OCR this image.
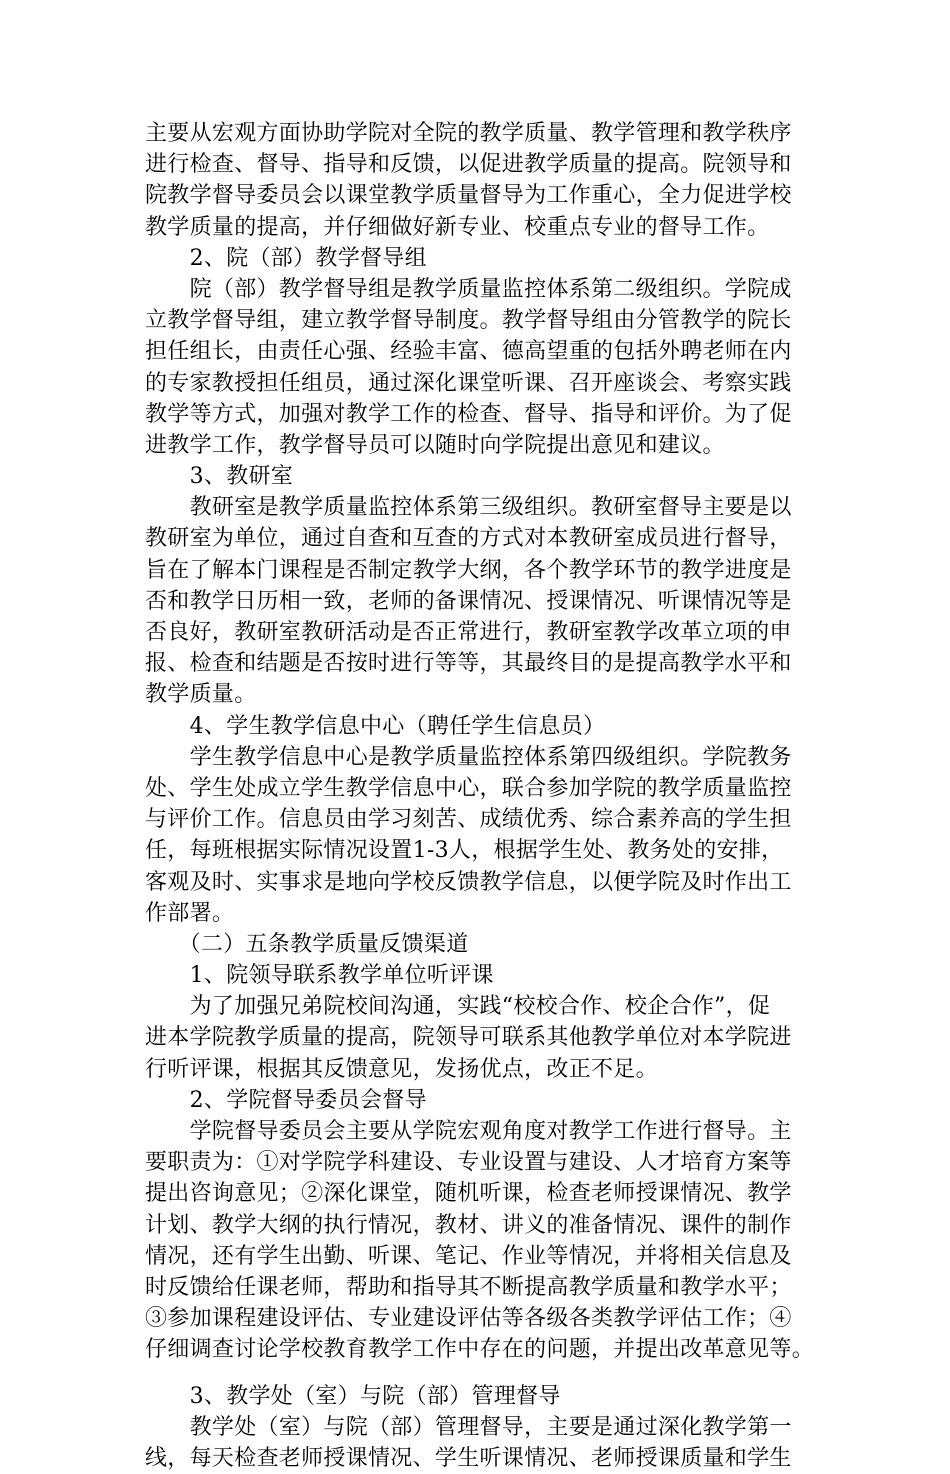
主要从宏观方面协助学院对全院的教学质量、教学管理和教学秩序
进行检查、督导、指导和反馈，以促进教学质量的提高。院领导和
院教学督导委员会以课堂教学质量督导为工作重心，全力促进学校
教学质量的提高，并仔细做好新专业、校重点专业的督导工作。
　　2、院（部）教学督导组
　　院（部）教学督导组是教学质量监控体系第二级组织。学院成
立教学督导组，建立教学督导制度。教学督导组由分管教学的院长
担任组长，由责任心强、经验丰富、德高望重的包括外聘老师在内
的专家教授担任组员，通过深化课堂听课、召开座谈会、考察实践
教学等方式，加强对教学工作的检查、督导、指导和评价。为了促
进教学工作，教学督导员可以随时向学院提出意见和建议。
　　3、教研室
　　教研室是教学质量监控体系第三级组织。教研室督导主要是以
教研室为单位，通过自查和互查的方式对本教研室成员进行督导，
旨在了解本门课程是否制定教学大纲，各个教学环节的教学进度是
否和教学日历相一致，老师的备课情况、授课情况、听课情况等是
否良好，教研室教研活动是否正常进行，教研室教学改革立项的申
报、检查和结题是否按时进行等等，其最终目的是提高教学水平和
教学质量。
　　4、学生教学信息中心（聘任学生信息员）
　　学生教学信息中心是教学质量监控体系第四级组织。学院教务
处、学生处成立学生教学信息中心，联合参加学院的教学质量监控
与评价工作。信息员由学习刻苦、成绩优秀、综合素养高的学生担
任，每班根据实际情况设置1-3人，根据学生处、教务处的安排，
客观及时、实事求是地向学校反馈教学信息，以便学院及时作出工
作部署。
　　（二）五条教学质量反馈渠道
　　1、院领导联系教学单位听评课
　　为了加强兄弟院校间沟通，实践“校校合作、校企合作”，促
进本学院教学质量的提高，院领导可联系其他教学单位对本学院进
行听评课，根据其反馈意见，发扬优点，改正不足。
　　2、学院督导委员会督导
　　学院督导委员会主要从学院宏观角度对教学工作进行督导。主
要职责为：①对学院学科建设、专业设置与建设、人才培育方案等
提出咨询意见；②深化课堂，随机听课，检查老师授课情况、教学
计划、教学大纲的执行情况，教材、讲义的准备情况、课件的制作
情况，还有学生出勤、听课、笔记、作业等情况，并将相关信息及
时反馈给任课老师，帮助和指导其不断提高教学质量和教学水平；
③参加课程建设评估、专业建设评估等各级各类教学评估工作；④
仔细调查讨论学校教育教学工作中存在的问题，并提出改革意见等。
　　3、教学处（室）与院（部）管理督导
　　教学处（室）与院（部）管理督导，主要是通过深化教学第一
线，每天检查老师授课情况、学生听课情况、老师授课质量和学生
